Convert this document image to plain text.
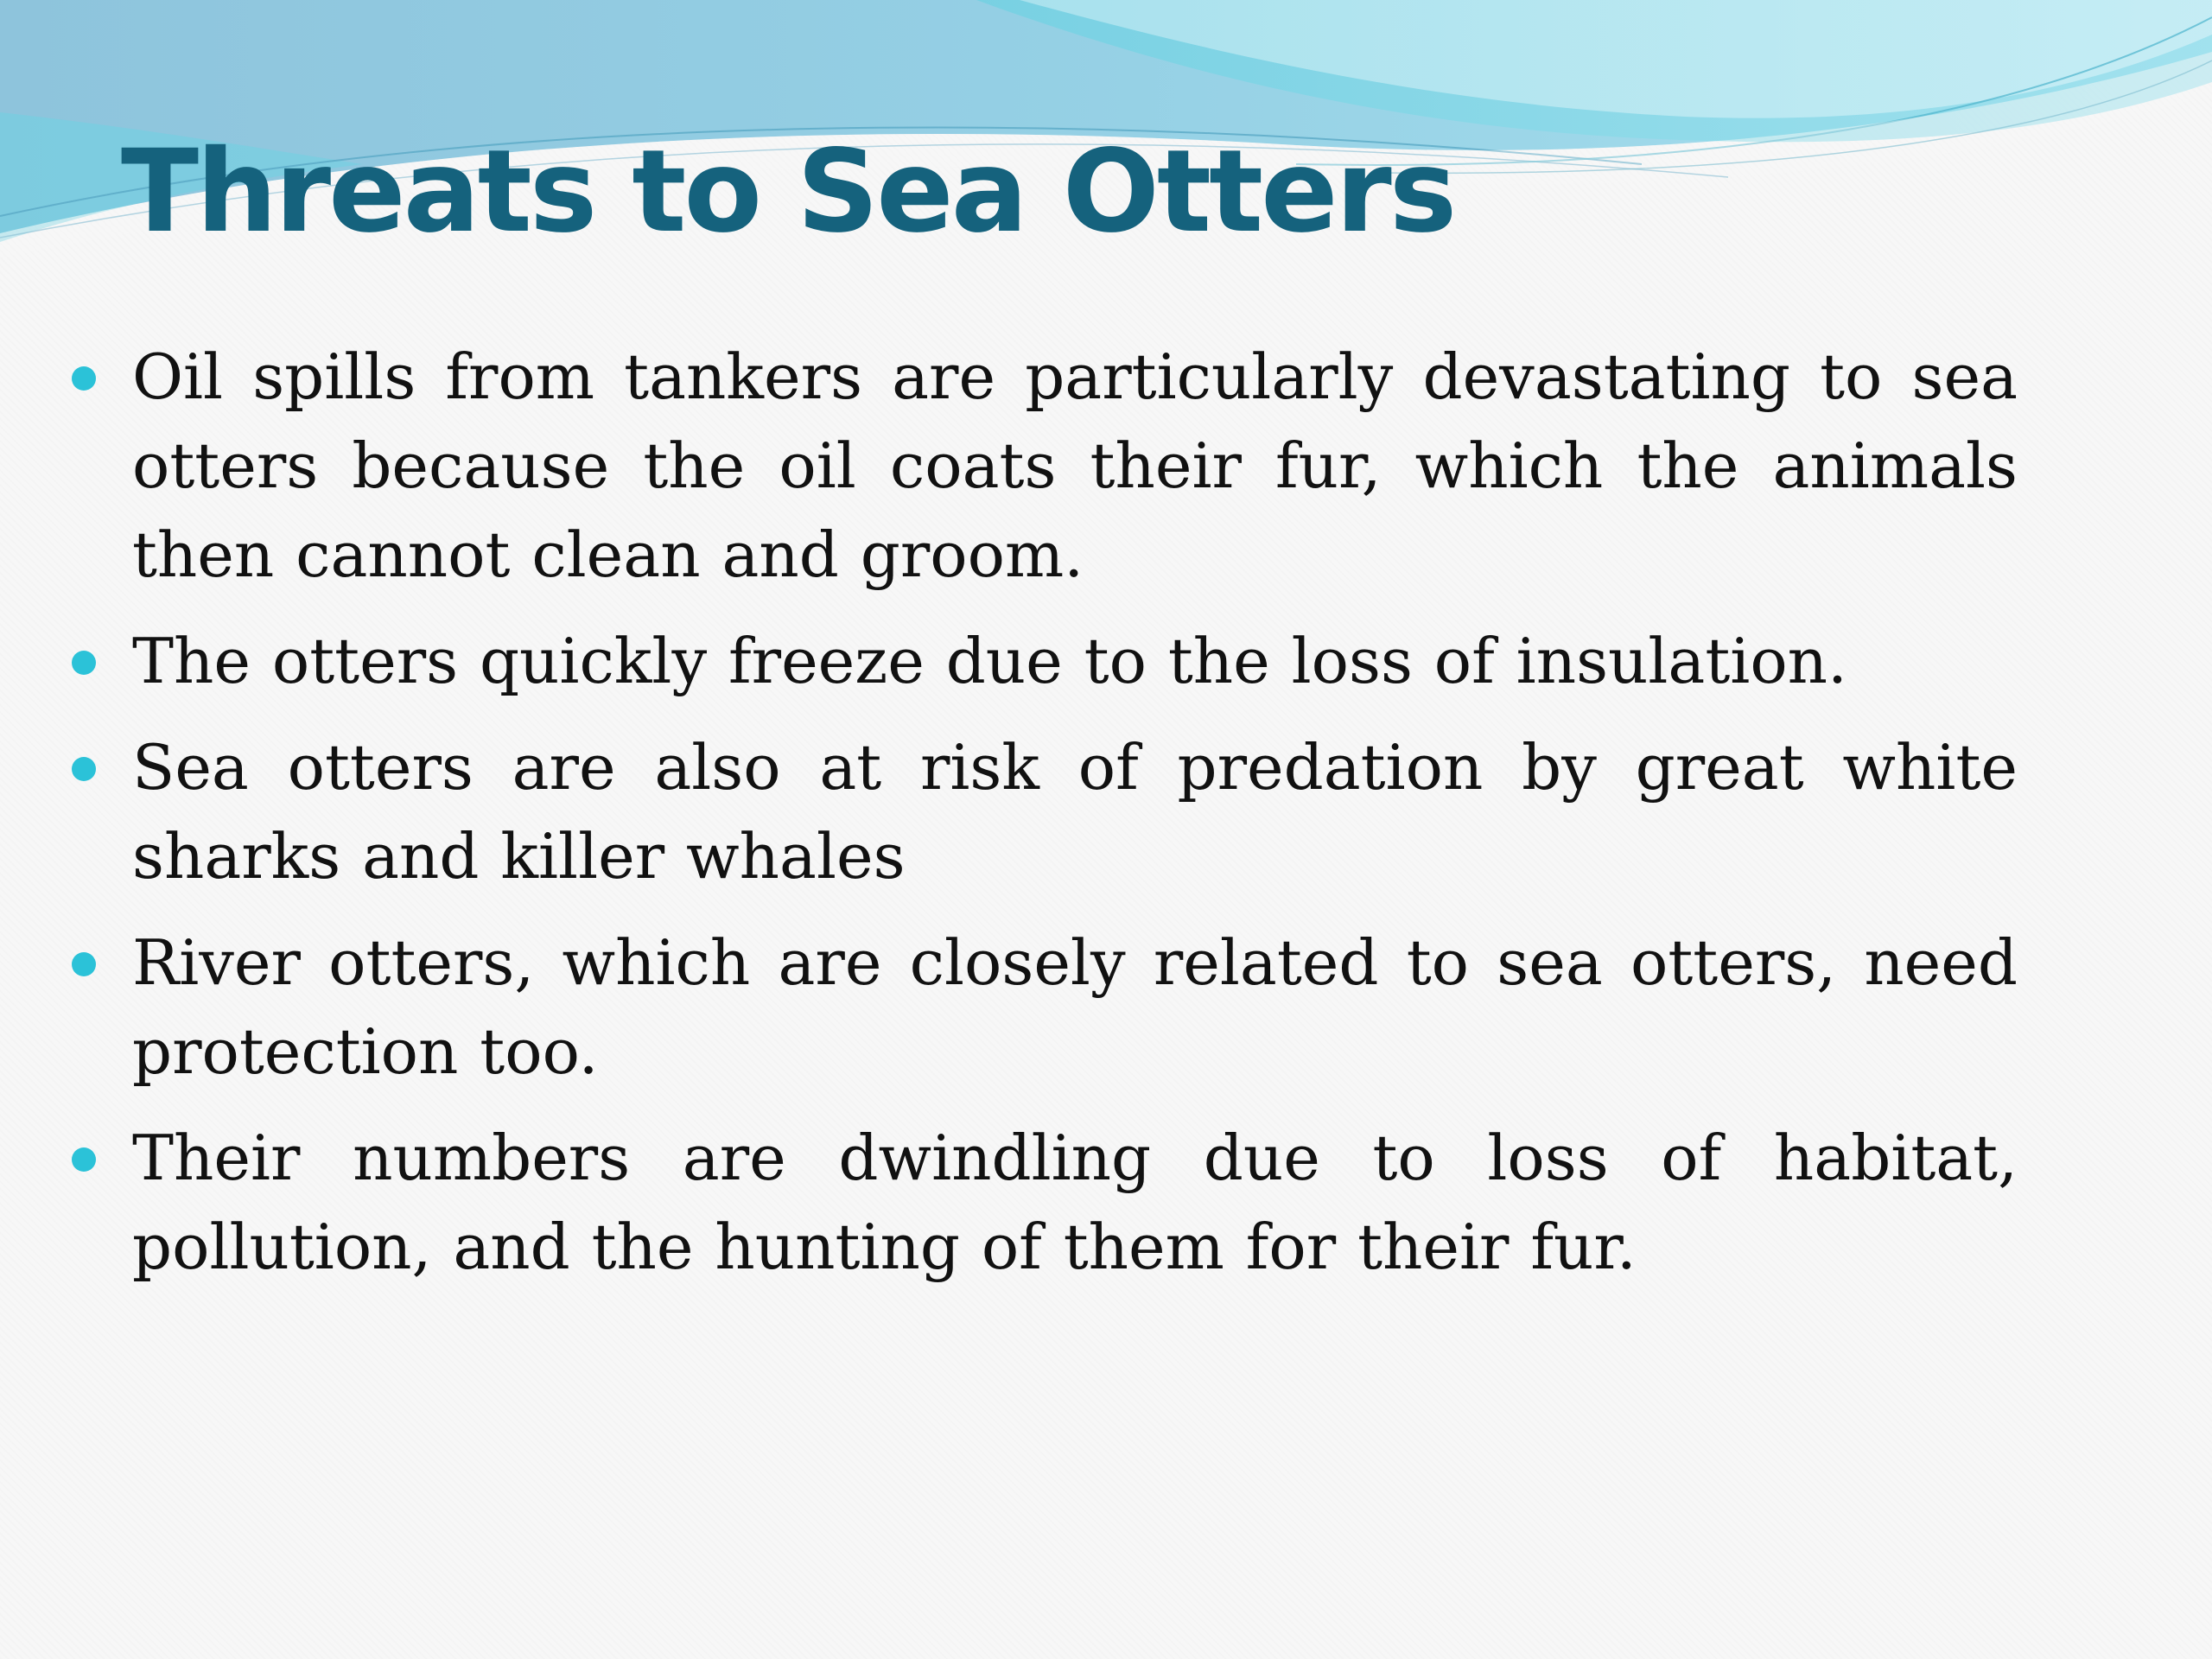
Threats to Sea Otters
Oil spills from tankers are particularly devastating to sea otters because the oil coats their fur, which the animals then cannot clean and groom.
The otters quickly freeze due to the loss of insulation.
Sea otters are also at risk of predation by great white sharks and killer whales
River otters, which are closely related to sea otters, need protection too.
Their numbers are dwindling due to loss of habitat, pollution, and the hunting of them for their fur.
